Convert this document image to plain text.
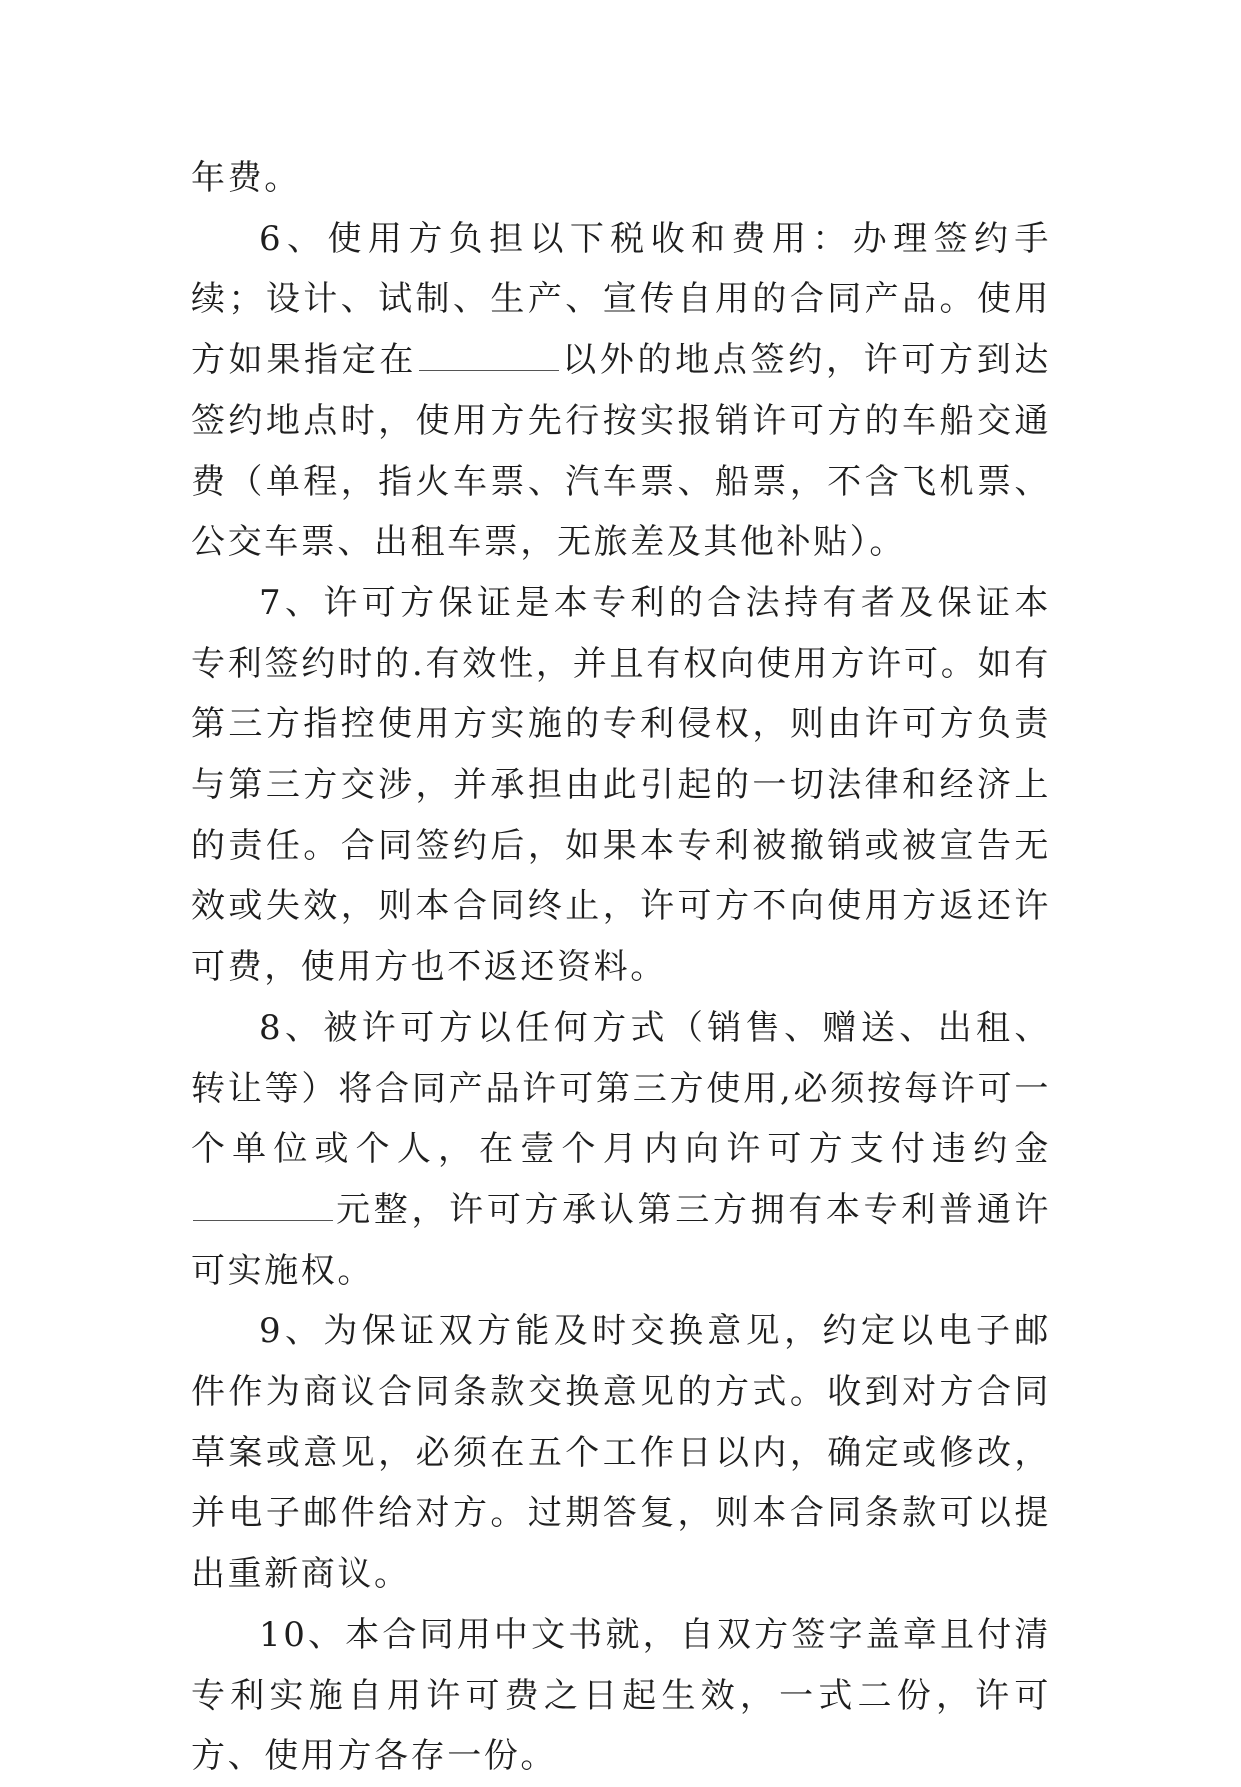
年费。

6、使用方负担以下税收和费用：办理签约手续；设计、试制、生产、宣传自用的合同产品。使用方如果指定在	以外的地点签约，许可方到达签约地点时，使用方先行按实报销许可方的车船交通费（单程，指火车票、汽车票、船票，不含飞机票、公交车票、出租车票，无旅差及其他补贴）。

7、许可方保证是本专利的合法持有者及保证本专利签约时的.有效性，并且有权向使用方许可。如有第三方指控使用方实施的专利侵权，则由许可方负责与第三方交涉，并承担由此引起的一切法律和经济上的责任。合同签约后，如果本专利被撤销或被宣告无效或失效，则本合同终止，许可方不向使用方返还许可费，使用方也不返还资料。

8、被许可方以任何方式（销售、赠送、出租、转让等）将合同产品许可第三方使用,必须按每许可一个单位或个人，在壹个月内向许可方支付违约金元整，许可方承认第三方拥有本专利普通许可实施权。

9、为保证双方能及时交换意见，约定以电子邮件作为商议合同条款交换意见的方式。收到对方合同草案或意见，必须在五个工作日以内，确定或修改，并电子邮件给对方。过期答复，则本合同条款可以提出重新商议。

10、本合同用中文书就，自双方签字盖章且付清专利实施自用许可费之日起生效，一式二份，许可方、使用方各存一份。
